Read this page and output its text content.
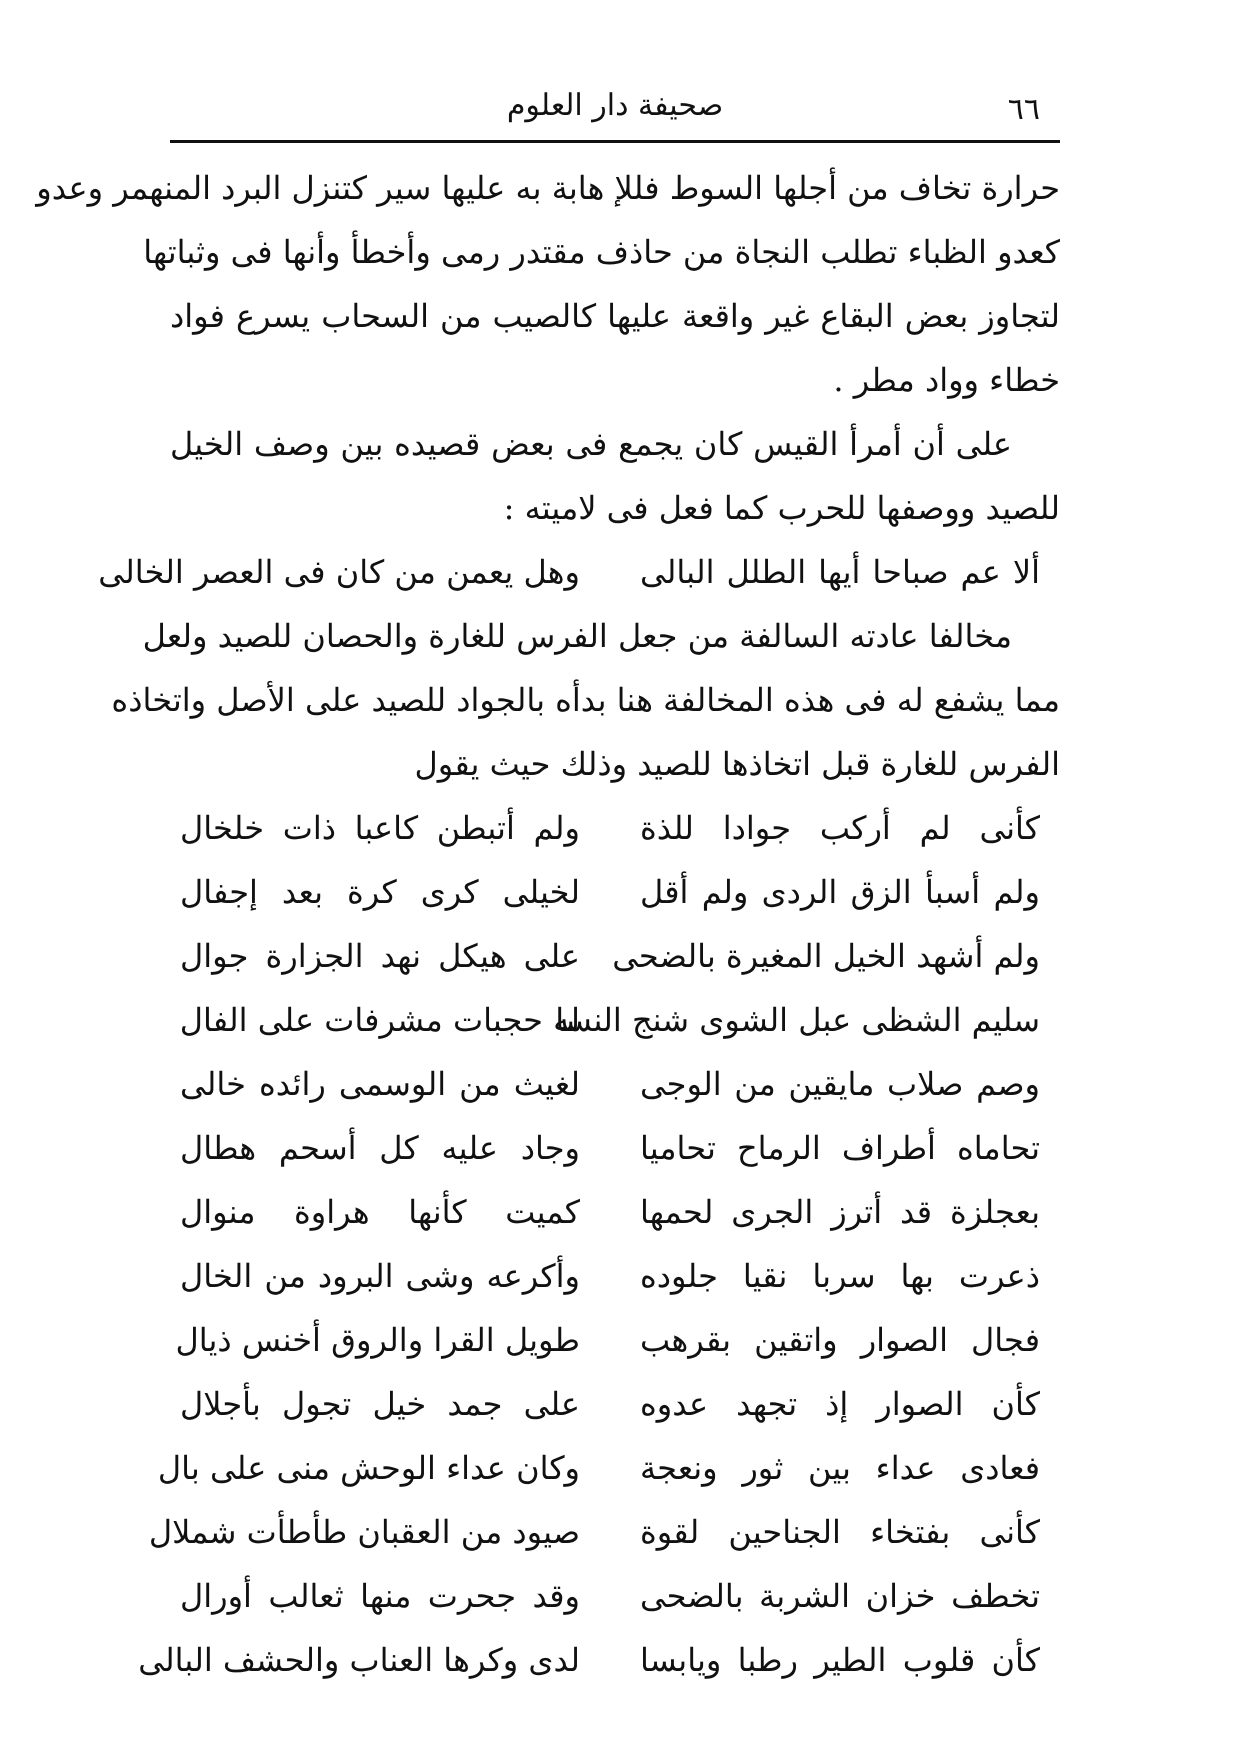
٦٦
صحيفة دار العلوم
حرارة تخاف من أجلها السوط فللإ هابة به عليها سير كتنزل البرد المنهمر وعدو
كعدو الظباء تطلب النجاة من حاذف مقتدر رمى وأخطأ وأنها فى وثباتها
لتجاوز بعض البقاع غير واقعة عليها كالصيب من السحاب يسرع فواد
خطاء وواد مطر .
على أن أمرأ القيس كان يجمع فى بعض قصيده بين وصف الخيل
للصيد ووصفها للحرب كما فعل فى لاميته :
ألا عم صباحا أيها الطلل البالى
وهل يعمن من كان فى العصر الخالى
مخالفا عادته السالفة من جعل الفرس للغارة والحصان للصيد ولعل
مما يشفع له فى هذه المخالفة هنا بدأه بالجواد للصيد على الأصل واتخاذه
الفرس للغارة قبل اتخاذها للصيد وذلك حيث يقول
كأنى لم أركب جوادا للذة
ولم أتبطن كاعبا ذات خلخال
ولم أسبأ الزق الردى ولم أقل
لخيلى كرى كرة بعد إجفال
ولم أشهد الخيل المغيرة بالضحى
على هيكل نهد الجزارة جوال
سليم الشظى عبل الشوى شنج النسا
له حجبات مشرفات على الفال
وصم صلاب مايقين من الوجى
لغيث من الوسمى رائده خالى
تحاماه أطراف الرماح تحاميا
وجاد عليه كل أسحم هطال
بعجلزة قد أترز الجرى لحمها
كميت كأنها هراوة منوال
ذعرت بها سربا نقيا جلوده
وأكرعه وشى البرود من الخال
فجال الصوار واتقين بقرهب
طويل القرا والروق أخنس ذيال
كأن الصوار إذ تجهد عدوه
على جمد خيل تجول بأجلال
فعادى عداء بين ثور ونعجة
وكان عداء الوحش منى على بال
كأنى بفتخاء الجناحين لقوة
صيود من العقبان طأطأت شملال
تخطف خزان الشربة بالضحى
وقد جحرت منها ثعالب أورال
كأن قلوب الطير رطبا ويابسا
لدى وكرها العناب والحشف البالى
